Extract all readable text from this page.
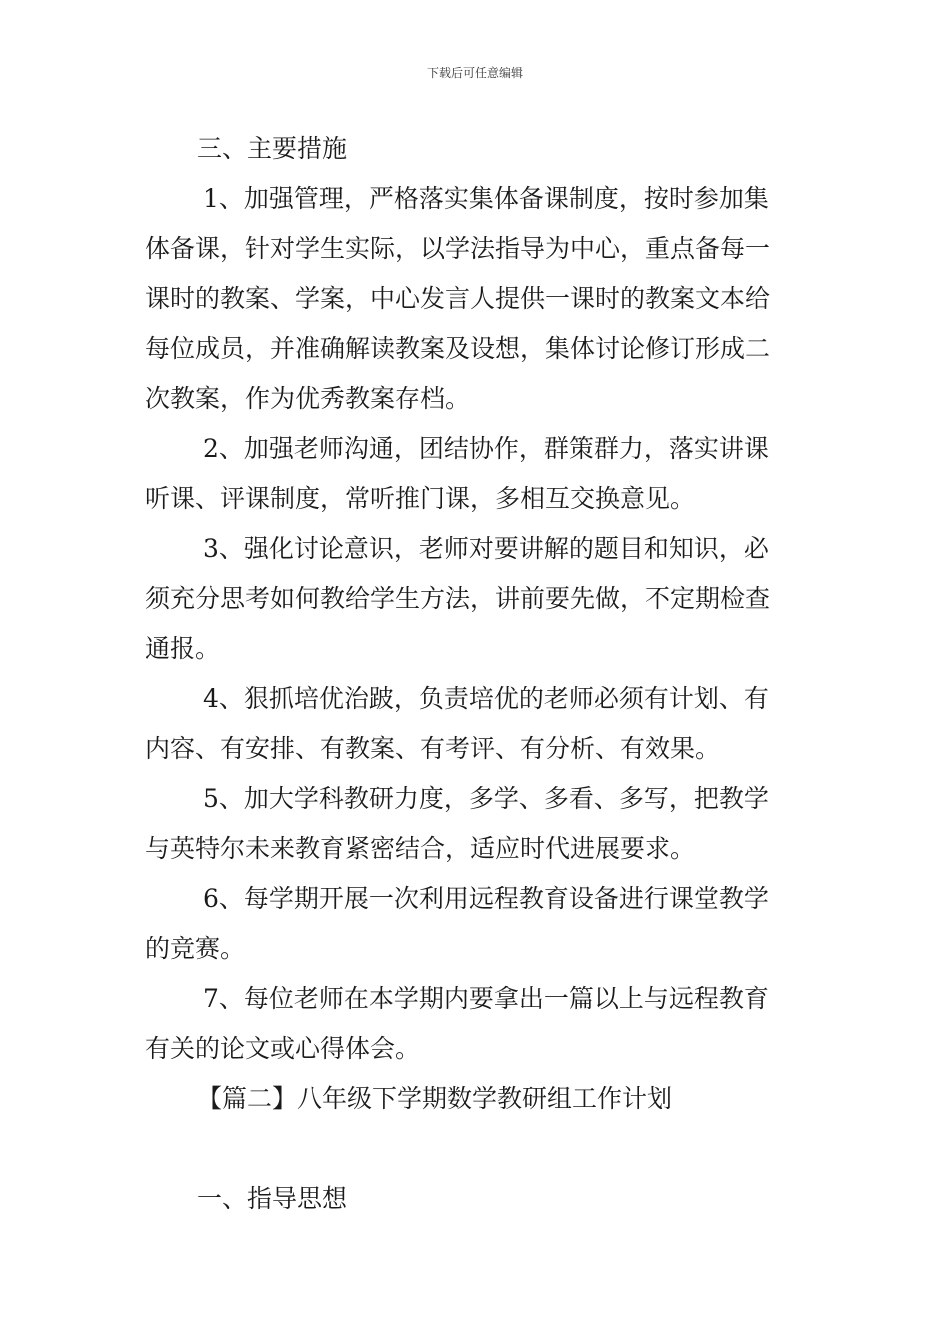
下载后可任意编辑
三、主要措施
1、加强管理，严格落实集体备课制度，按时参加集
体备课，针对学生实际，以学法指导为中心，重点备每一
课时的教案、学案，中心发言人提供一课时的教案文本给
每位成员，并准确解读教案及设想，集体讨论修订形成二
次教案，作为优秀教案存档。
2、加强老师沟通，团结协作，群策群力，落实讲课
听课、评课制度，常听推门课，多相互交换意见。
3、强化讨论意识，老师对要讲解的题目和知识，必
须充分思考如何教给学生方法，讲前要先做，不定期检查
通报。
4、狠抓培优治跛，负责培优的老师必须有计划、有
内容、有安排、有教案、有考评、有分析、有效果。
5、加大学科教研力度，多学、多看、多写，把教学
与英特尔未来教育紧密结合，适应时代进展要求。
6、每学期开展一次利用远程教育设备进行课堂教学
的竞赛。
7、每位老师在本学期内要拿出一篇以上与远程教育
有关的论文或心得体会。
【篇二】八年级下学期数学教研组工作计划
一、指导思想
